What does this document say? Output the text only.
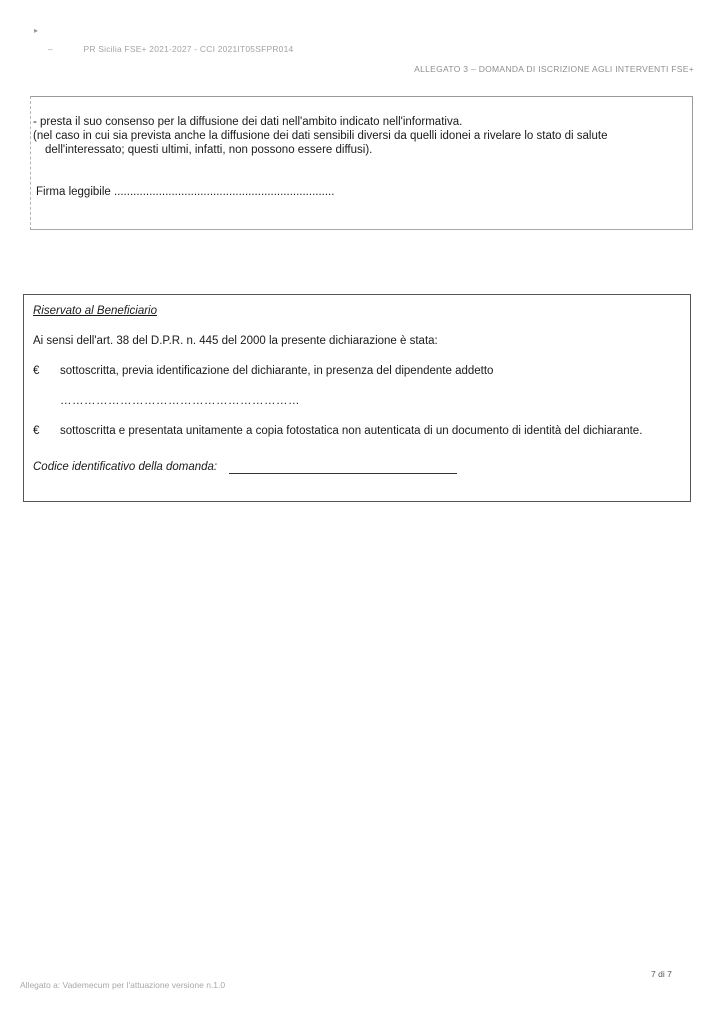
▸
–	PR Sicilia FSE+ 2021-2027 - CCI 2021IT05SFPR014
ALLEGATO 3 – DOMANDA DI ISCRIZIONE AGLI INTERVENTI FSE+
- presta il suo consenso per la diffusione dei dati nell'ambito indicato nell'informativa.
(nel caso in cui sia prevista anche la diffusione dei dati sensibili diversi da quelli idonei a rivelare lo stato di salute
dell'interessato; questi ultimi, infatti, non possono essere diffusi).
Firma leggibile .....................................................................
Riservato al Beneficiario
Ai sensi dell'art. 38 del D.P.R. n. 445 del 2000 la presente dichiarazione è stata:
€ sottoscritta, previa identificazione del dichiarante, in presenza del dipendente addetto
……………………………………………………
€ sottoscritta e presentata unitamente a copia fotostatica non autenticata di un documento di identità del dichiarante.
Codice identificativo della domanda:
Allegato a: Vademecum per l'attuazione versione n.1.0
7 di 7
